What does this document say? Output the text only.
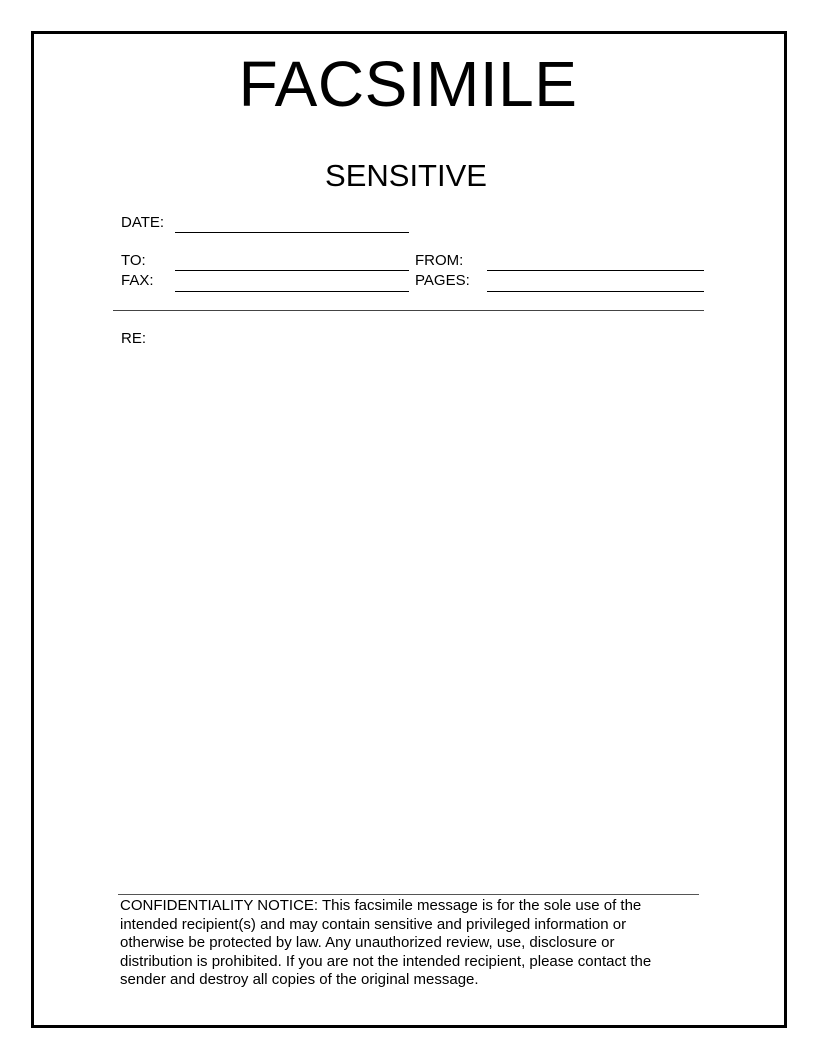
FACSIMILE
SENSITIVE
DATE:
TO:
FAX:
FROM:
PAGES:
RE:
CONFIDENTIALITY NOTICE: This facsimile message is for the sole use of the
intended recipient(s) and may contain sensitive and privileged information or
otherwise be protected by law. Any unauthorized review, use, disclosure or
distribution is prohibited. If you are not the intended recipient, please contact the
sender and destroy all copies of the original message.
